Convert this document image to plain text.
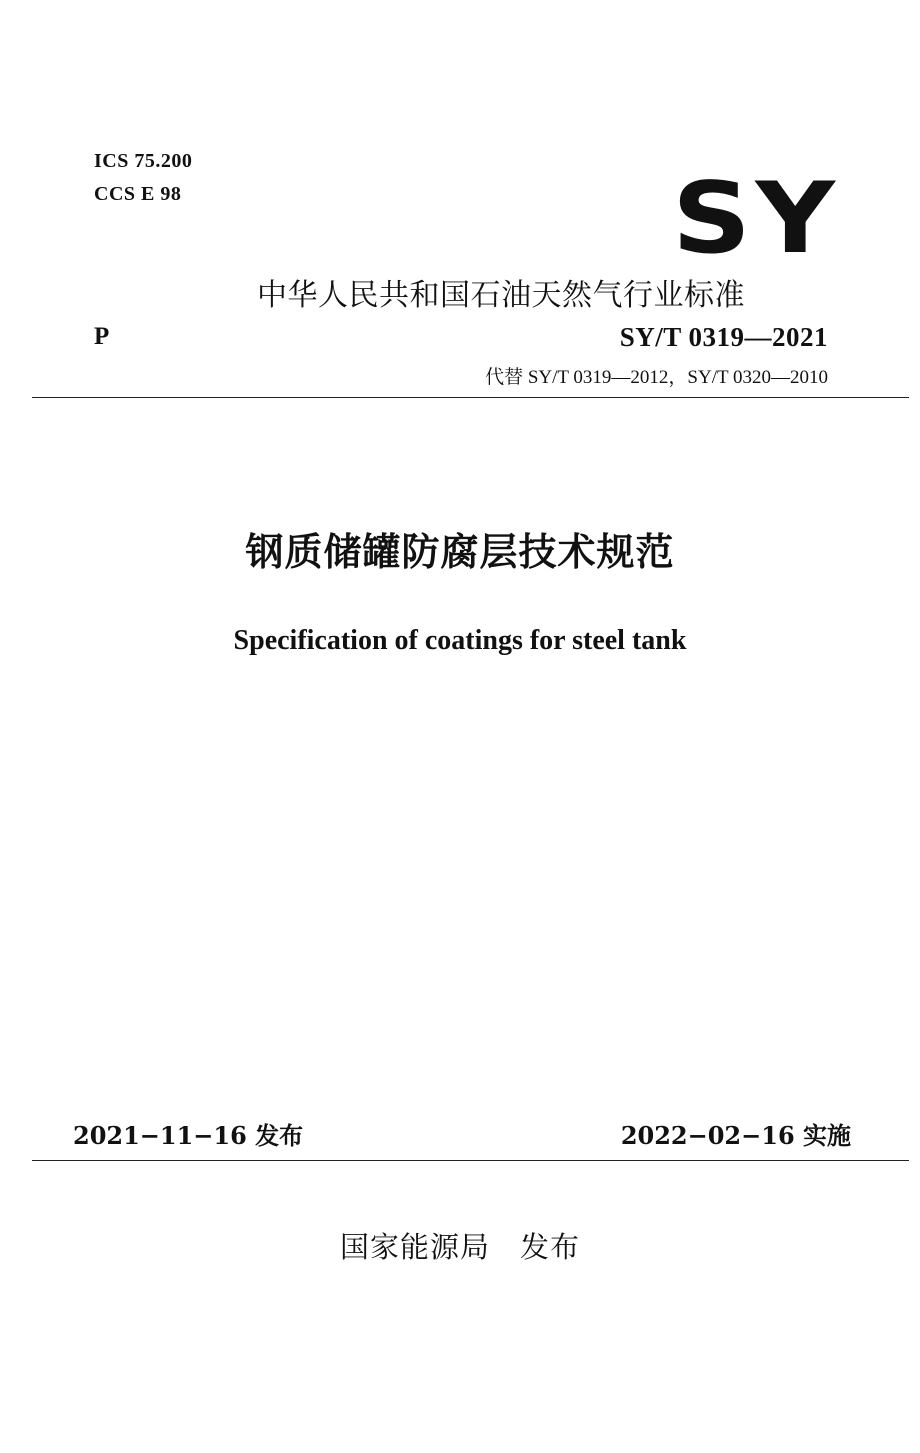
ICS 75.200
CCS E 98	SY
中华人民共和国石油天然气行业标准
P	SY/T 0319—2021
代替 SY/T 0319—2012，SY/T 0320—2010
钢质储罐防腐层技术规范
Specification of coatings for steel tank
2021−11−16 发布	2022−02−16 实施
国家能源局 发布
